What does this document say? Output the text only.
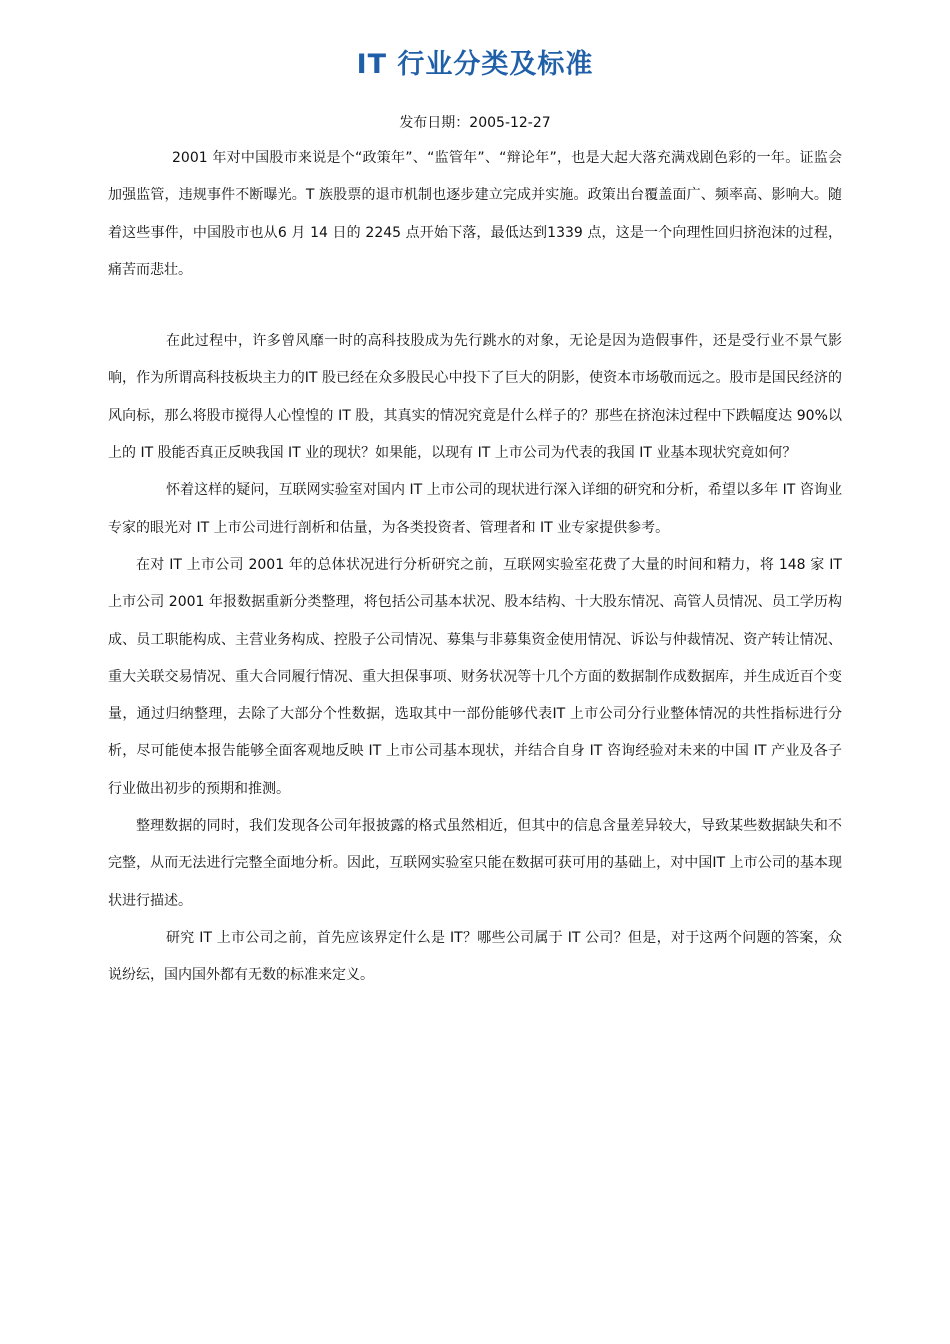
IT 行业分类及标准
发布日期：2005-12-27

2001 年对中国股市来说是个“政策年”、“监管年”、“辩论年”，也是大起大落充满戏剧色彩的一年。证监会加强监管，违规事件不断曝光。T 族股票的退市机制也逐步建立完成并实施。政策出台覆盖面广、频率高、影响大。随着这些事件，中国股市也从6 月 14 日的 2245 点开始下落，最低达到1339 点，这是一个向理性回归挤泡沫的过程，痛苦而悲壮。

在此过程中，许多曾风靡一时的高科技股成为先行跳水的对象，无论是因为造假事件，还是受行业不景气影响，作为所谓高科技板块主力的IT 股已经在众多股民心中投下了巨大的阴影，使资本市场敬而远之。股市是国民经济的风向标，那么将股市搅得人心惶惶的 IT 股，其真实的情况究竟是什么样子的？那些在挤泡沫过程中下跌幅度达 90%以上的 IT 股能否真正反映我国 IT 业的现状？如果能，以现有 IT 上市公司为代表的我国 IT 业基本现状究竟如何？

怀着这样的疑问，互联网实验室对国内 IT 上市公司的现状进行深入详细的研究和分析，希望以多年 IT 咨询业专家的眼光对 IT 上市公司进行剖析和估量，为各类投资者、管理者和 IT 业专家提供参考。

在对 IT 上市公司 2001 年的总体状况进行分析研究之前，互联网实验室花费了大量的时间和精力，将 148 家 IT 上市公司 2001 年报数据重新分类整理，将包括公司基本状况、股本结构、十大股东情况、高管人员情况、员工学历构成、员工职能构成、主营业务构成、控股子公司情况、募集与非募集资金使用情况、诉讼与仲裁情况、资产转让情况、重大关联交易情况、重大合同履行情况、重大担保事项、财务状况等十几个方面的数据制作成数据库，并生成近百个变量，通过归纳整理，去除了大部分个性数据，选取其中一部份能够代表IT 上市公司分行业整体情况的共性指标进行分析，尽可能使本报告能够全面客观地反映 IT 上市公司基本现状，并结合自身 IT 咨询经验对未来的中国 IT 产业及各子行业做出初步的预期和推测。

整理数据的同时，我们发现各公司年报披露的格式虽然相近，但其中的信息含量差异较大，导致某些数据缺失和不完整，从而无法进行完整全面地分析。因此，互联网实验室只能在数据可获可用的基础上，对中国IT 上市公司的基本现状进行描述。

研究 IT 上市公司之前，首先应该界定什么是 IT？哪些公司属于 IT 公司？但是，对于这两个问题的答案，众说纷纭，国内国外都有无数的标准来定义。
